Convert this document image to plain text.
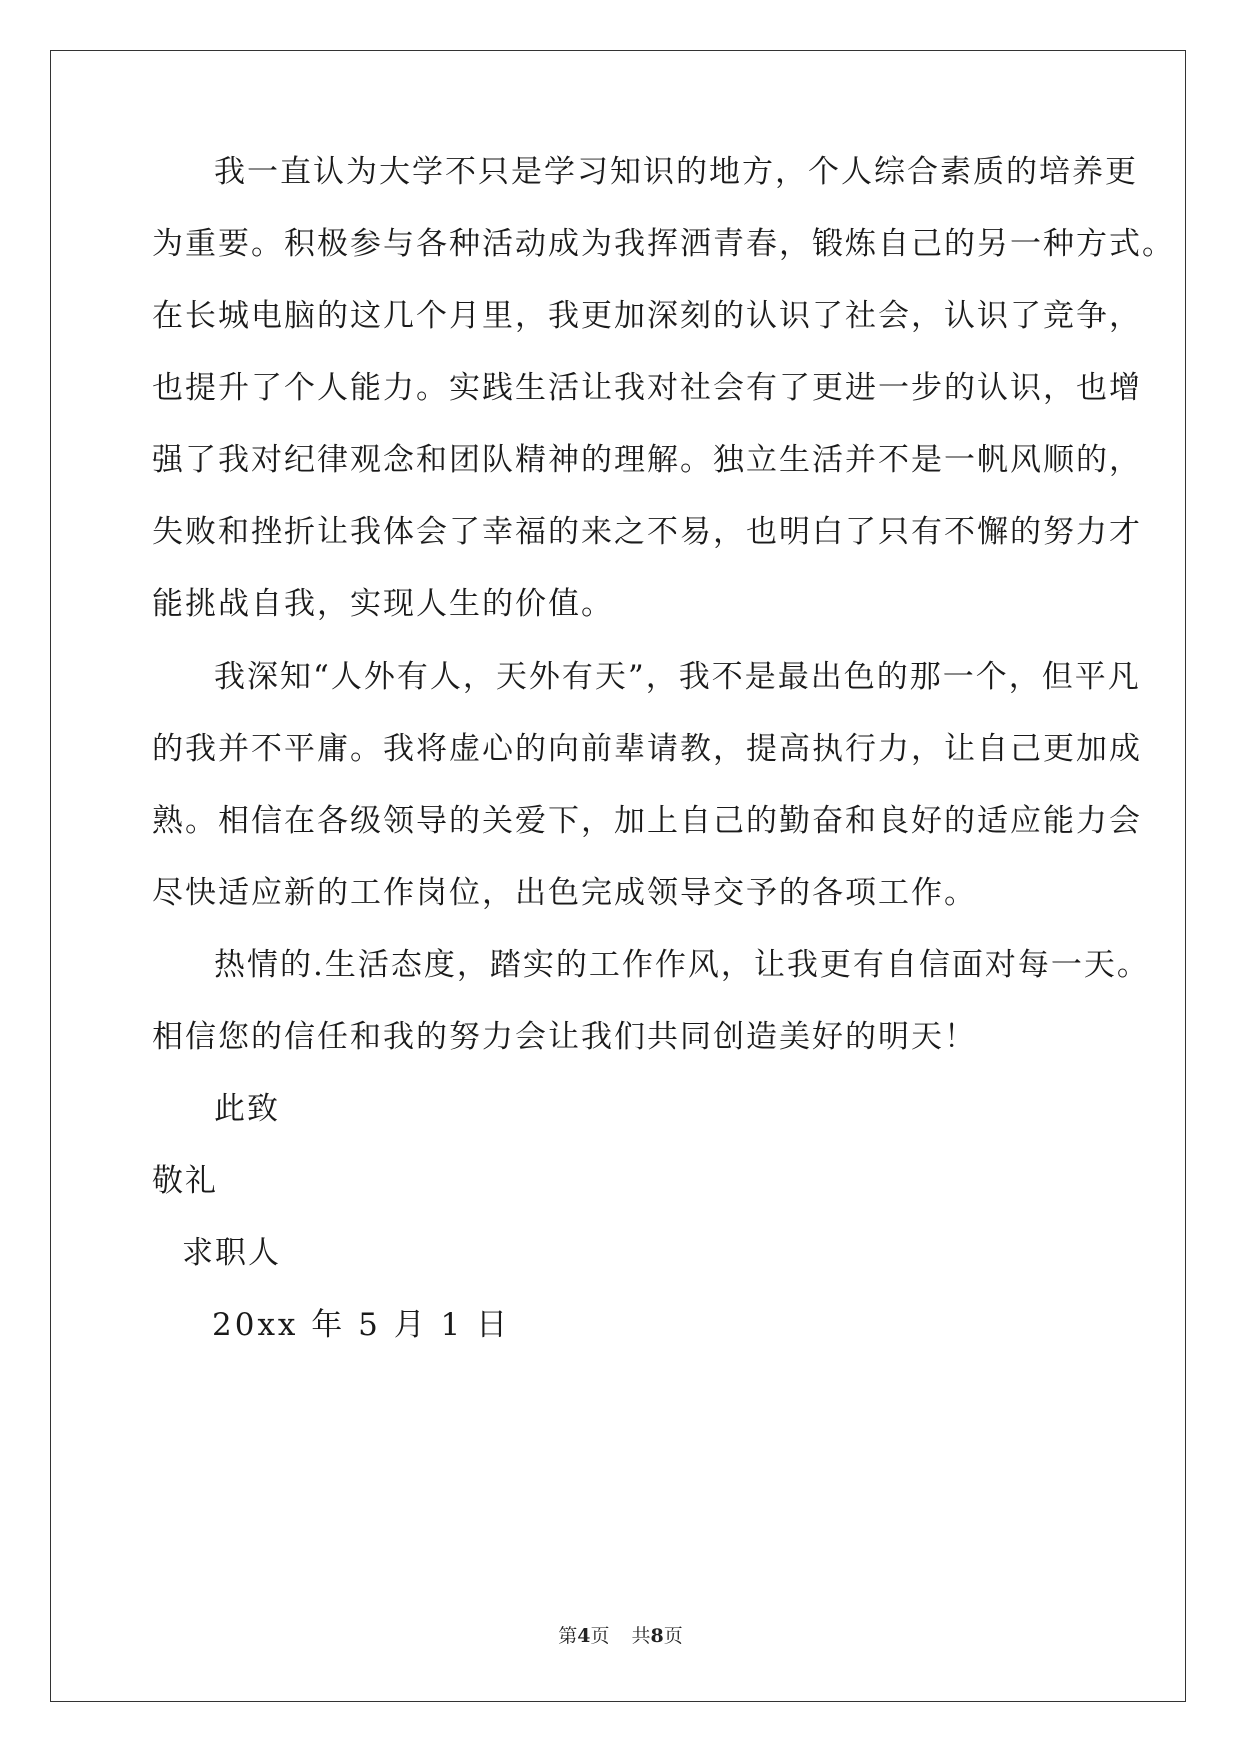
我一直认为大学不只是学习知识的地方，个人综合素质的培养更
为重要。积极参与各种活动成为我挥洒青春，锻炼自己的另一种方式。
在长城电脑的这几个月里，我更加深刻的认识了社会，认识了竞争，
也提升了个人能力。实践生活让我对社会有了更进一步的认识，也增
强了我对纪律观念和团队精神的理解。独立生活并不是一帆风顺的，
失败和挫折让我体会了幸福的来之不易，也明白了只有不懈的努力才
能挑战自我，实现人生的价值。
我深知“人外有人，天外有天”，我不是最出色的那一个，但平凡
的我并不平庸。我将虚心的向前辈请教，提高执行力，让自己更加成
熟。相信在各级领导的关爱下，加上自己的勤奋和良好的适应能力会
尽快适应新的工作岗位，出色完成领导交予的各项工作。
热情的.生活态度，踏实的工作作风，让我更有自信面对每一天。
相信您的信任和我的努力会让我们共同创造美好的明天！
此致
敬礼
求职人
20xx 年 5 月 1 日
第4页 共8页
